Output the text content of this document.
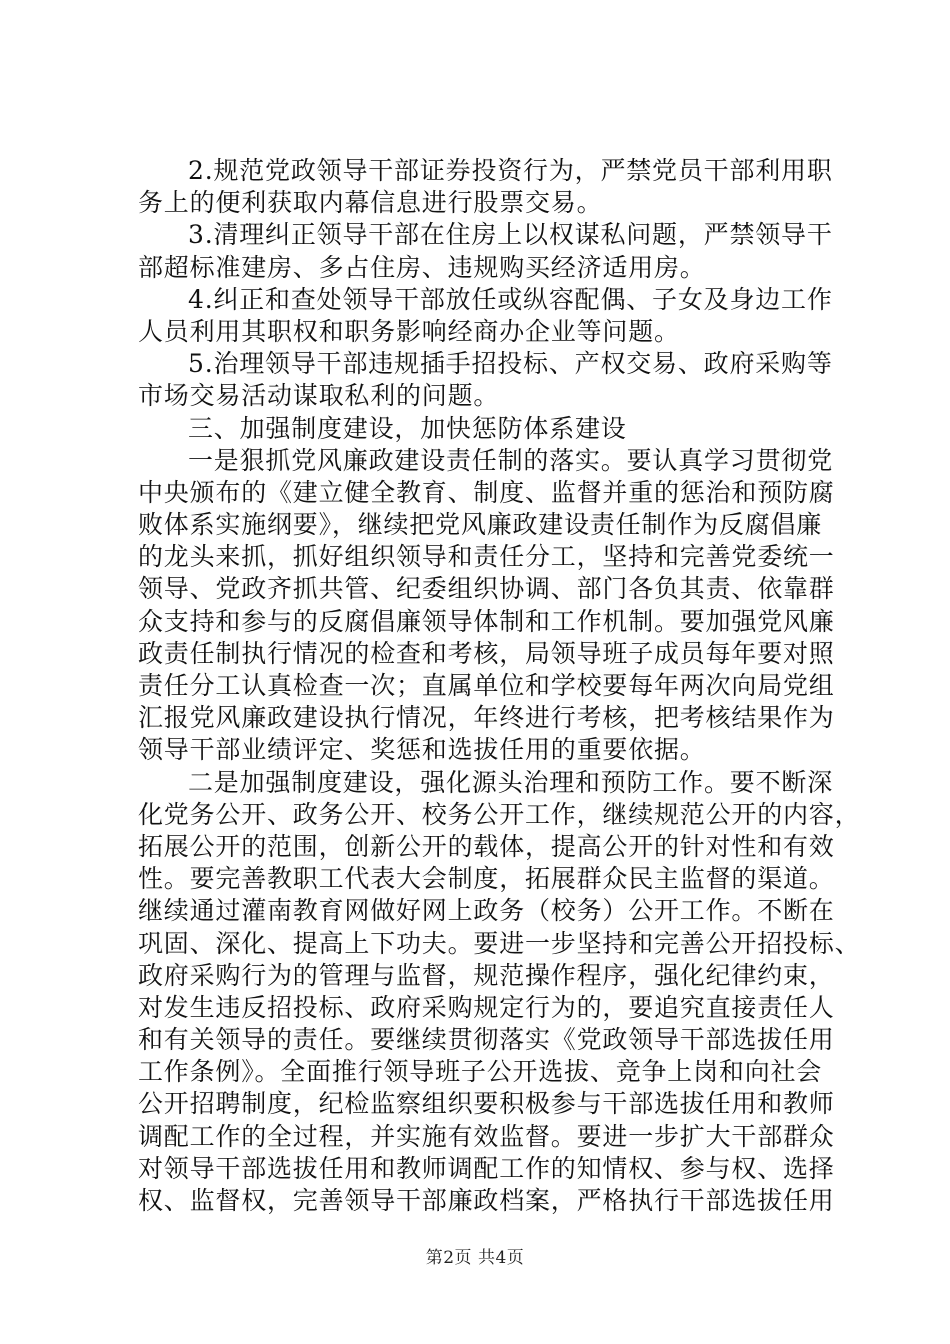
2.规范党政领导干部证券投资行为，严禁党员干部利用职
务上的便利获取内幕信息进行股票交易。
3.清理纠正领导干部在住房上以权谋私问题，严禁领导干
部超标准建房、多占住房、违规购买经济适用房。
4.纠正和查处领导干部放任或纵容配偶、子女及身边工作
人员利用其职权和职务影响经商办企业等问题。
5.治理领导干部违规插手招投标、产权交易、政府采购等
市场交易活动谋取私利的问题。
三、加强制度建设，加快惩防体系建设
一是狠抓党风廉政建设责任制的落实。要认真学习贯彻党
中央颁布的《建立健全教育、制度、监督并重的惩治和预防腐
败体系实施纲要》，继续把党风廉政建设责任制作为反腐倡廉
的龙头来抓，抓好组织领导和责任分工，坚持和完善党委统一
领导、党政齐抓共管、纪委组织协调、部门各负其责、依靠群
众支持和参与的反腐倡廉领导体制和工作机制。要加强党风廉
政责任制执行情况的检查和考核，局领导班子成员每年要对照
责任分工认真检查一次；直属单位和学校要每年两次向局党组
汇报党风廉政建设执行情况，年终进行考核，把考核结果作为
领导干部业绩评定、奖惩和选拔任用的重要依据。
二是加强制度建设，强化源头治理和预防工作。要不断深
化党务公开、政务公开、校务公开工作，继续规范公开的内容，
拓展公开的范围，创新公开的载体，提高公开的针对性和有效
性。要完善教职工代表大会制度，拓展群众民主监督的渠道。
继续通过灌南教育网做好网上政务（校务）公开工作。不断在
巩固、深化、提高上下功夫。要进一步坚持和完善公开招投标、
政府采购行为的管理与监督，规范操作程序，强化纪律约束，
对发生违反招投标、政府采购规定行为的，要追究直接责任人
和有关领导的责任。要继续贯彻落实《党政领导干部选拔任用
工作条例》。全面推行领导班子公开选拔、竞争上岗和向社会
公开招聘制度，纪检监察组织要积极参与干部选拔任用和教师
调配工作的全过程，并实施有效监督。要进一步扩大干部群众
对领导干部选拔任用和教师调配工作的知情权、参与权、选择
权、监督权，完善领导干部廉政档案，严格执行干部选拔任用
第2页 共4页
